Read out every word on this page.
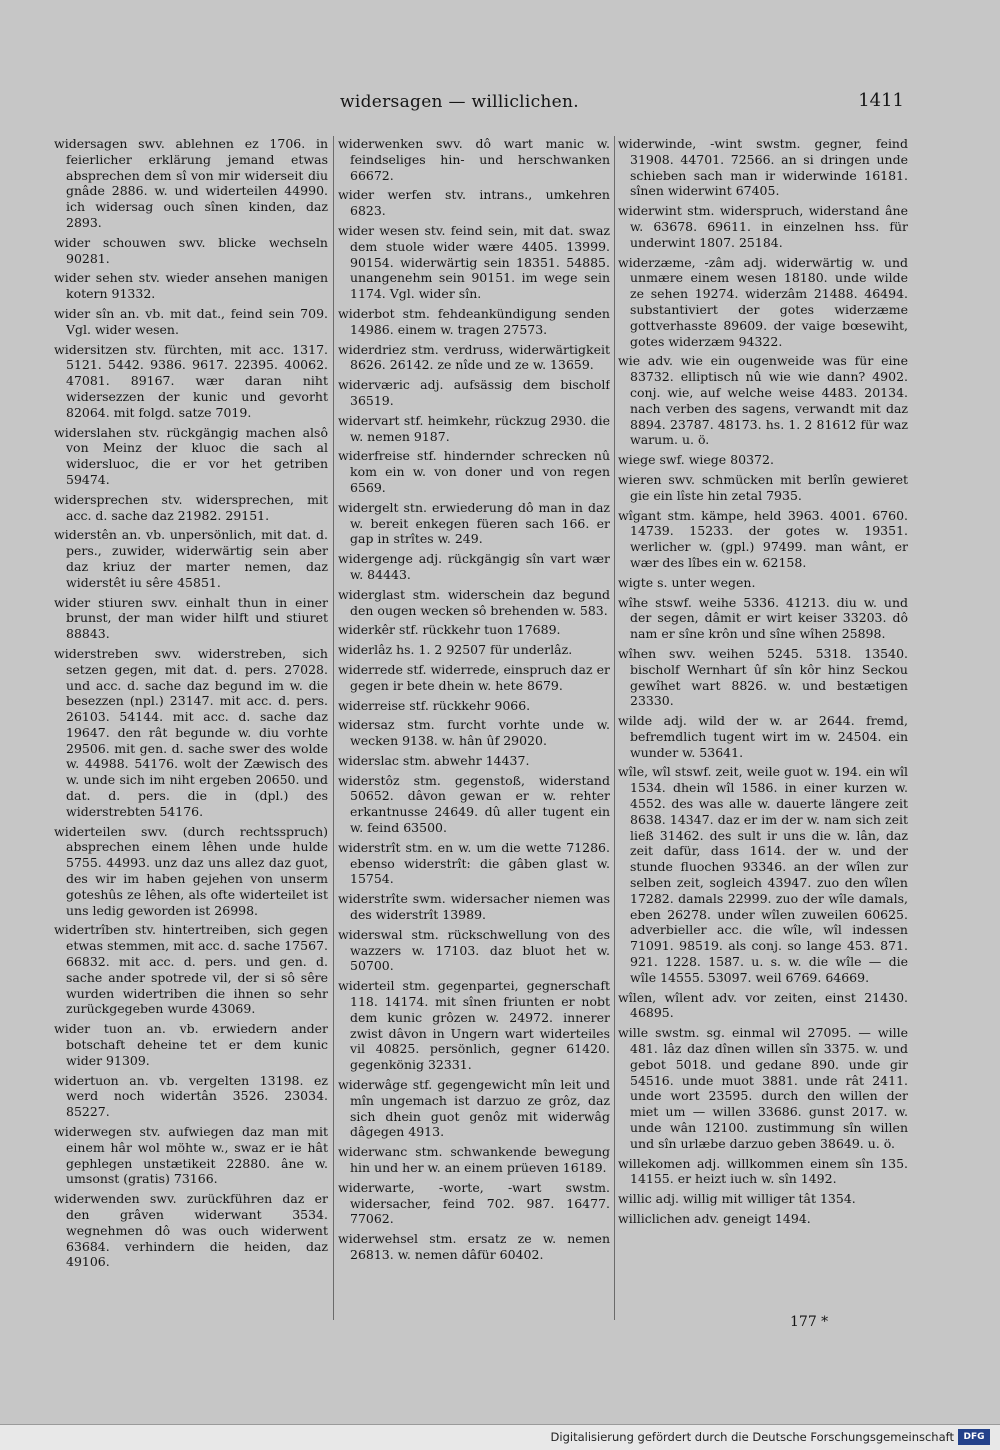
widersagen — williclichen.	1411

widersagen swv. ablehnen ez 1706. in feierlicher erklärung jemand etwas absprechen dem sî von mir widerseit diu gnâde 2886. w. und widerteilen 44990. ich widersag ouch sînen kinden, daz 2893.

wider schouwen swv. blicke wechseln 90281.

wider sehen stv. wieder ansehen manigen kotern 91332.

wider sîn an. vb. mit dat., feind sein 709. Vgl. wider wesen.

widersitzen stv. fürchten, mit acc. 1317. 5121. 5442. 9386. 9617. 22395. 40062. 47081. 89167. wær daran niht widersezzen der kunic und gevorht 82064. mit folgd. satze 7019.

widerslahen stv. rückgängig machen alsô von Meinz der kluoc die sach al widersluoc, die er vor het getriben 59474.

widersprechen stv. widersprechen, mit acc. d. sache daz 21982. 29151.

widerstên an. vb. unpersönlich, mit dat. d. pers., zuwider, widerwärtig sein aber daz kriuz der marter nemen, daz widerstêt iu sêre 45851.

wider stiuren swv. einhalt thun in einer brunst, der man wider hilft und stiuret 88843.

widerstreben swv. widerstreben, sich setzen gegen, mit dat. d. pers. 27028. und acc. d. sache daz begund im w. die besezzen (npl.) 23147. mit acc. d. pers. 26103. 54144. mit acc. d. sache daz 19647. den rât begunde w. diu vorhte 29506. mit gen. d. sache swer des wolde w. 44988. 54176. wolt der Zæwisch des w. unde sich im niht ergeben 20650. und dat. d. pers. die in (dpl.) des widerstrebten 54176.

widerteilen swv. (durch rechtsspruch) absprechen einem lêhen unde hulde 5755. 44993. unz daz uns allez daz guot, des wir im haben gejehen von unserm goteshûs ze lêhen, als ofte widerteilet ist uns ledig geworden ist 26998.

widertrîben stv. hintertreiben, sich gegen etwas stemmen, mit acc. d. sache 17567. 66832. mit acc. d. pers. und gen. d. sache ander spotrede vil, der si sô sêre wurden widertriben die ihnen so sehr zurückgegeben wurde 43069.

wider tuon an. vb. erwiedern ander botschaft deheine tet er dem kunic wider 91309.

widertuon an. vb. vergelten 13198. ez werd noch widertân 3526. 23034. 85227.

widerwegen stv. aufwiegen daz man mit einem hâr wol möhte w., swaz er ie hât gephlegen unstætikeit 22880. âne w. umsonst (gratis) 73166.

widerwenden swv. zurückführen daz er den grâven widerwant 3534. wegnehmen dô was ouch widerwent 63684. verhindern die heiden, daz 49106.

widerwenken swv. dô wart manic w. feindseliges hin- und herschwanken 66672.

wider werfen stv. intrans., umkehren 6823.

wider wesen stv. feind sein, mit dat. swaz dem stuole wider wære 4405. 13999. 90154. widerwärtig sein 18351. 54885. unangenehm sein 90151. im wege sein 1174. Vgl. wider sîn.

widerbot stm. fehdeankündigung senden 14986. einem w. tragen 27573.

widerdriez stm. verdruss, widerwärtigkeit 8626. 26142. ze nîde und ze w. 13659.

widerværic adj. aufsässig dem bischolf 36519.

widervart stf. heimkehr, rückzug 2930. die w. nemen 9187.

widerfreise stf. hindernder schrecken nû kom ein w. von doner und von regen 6569.

widergelt stn. erwiederung dô man in daz w. bereit enkegen füeren sach 166. er gap in strîtes w. 249.

widergenge adj. rückgängig sîn vart wær w. 84443.

widerglast stm. widerschein daz begund den ougen wecken sô brehenden w. 583.

widerkêr stf. rückkehr tuon 17689.

widerlâz hs. 1. 2 92507 für underlâz.

widerrede stf. widerrede, einspruch daz er gegen ir bete dhein w. hete 8679.

widerreise stf. rückkehr 9066.

widersaz stm. furcht vorhte unde w. wecken 9138. w. hân ûf 29020.

widerslac stm. abwehr 14437.

widerstôz stm. gegenstoß, widerstand 50652. dâvon gewan er w. rehter erkantnusse 24649. dû aller tugent ein w. feind 63500.

widerstrît stm. en w. um die wette 71286. ebenso widerstrît: die gâben glast w. 15754.

widerstrîte swm. widersacher niemen was des widerstrît 13989.

widerswal stm. rückschwellung von des wazzers w. 17103. daz bluot het w. 50700.

widerteil stm. gegenpartei, gegnerschaft 118. 14174. mit sînen friunten er nobt dem kunic grôzen w. 24972. innerer zwist dâvon in Ungern wart widerteiles vil 40825. persönlich, gegner 61420. gegenkönig 32331.

widerwâge stf. gegengewicht mîn leit und mîn ungemach ist darzuo ze grôz, daz sich dhein guot genôz mit widerwâg dâgegen 4913.

widerwanc stm. schwankende bewegung hin und her w. an einem prüeven 16189.

widerwarte, -worte, -wart swstm. widersacher, feind 702. 987. 16477. 77062.

widerwehsel stm. ersatz ze w. nemen 26813. w. nemen dâfür 60402.

widerwinde, -wint swstm. gegner, feind 31908. 44701. 72566. an si dringen unde schieben sach man ir widerwinde 16181. sînen widerwint 67405.

widerwint stm. widerspruch, widerstand âne w. 63678. 69611. in einzelnen hss. für underwint 1807. 25184.

widerzæme, -zâm adj. widerwärtig w. und unmære einem wesen 18180. unde wilde ze sehen 19274. widerzâm 21488. 46494. substantiviert der gotes widerzæme gottverhasste 89609. der vaige bœsewiht, gotes widerzæm 94322.

wie adv. wie ein ougenweide was für eine 83732. elliptisch nû wie wie dann? 4902. conj. wie, auf welche weise 4483. 20134. nach verben des sagens, verwandt mit daz 8894. 23787. 48173. hs. 1. 2 81612 für waz warum. u. ö.

wiege swf. wiege 80372.

wieren swv. schmücken mit berlîn gewieret gie ein lîste hin zetal 7935.

wîgant stm. kämpe, held 3963. 4001. 6760. 14739. 15233. der gotes w. 19351. werlicher w. (gpl.) 97499. man wânt, er wær des lîbes ein w. 62158.

wigte s. unter wegen.

wîhe stswf. weihe 5336. 41213. diu w. und der segen, dâmit er wirt keiser 33203. dô nam er sîne krôn und sîne wîhen 25898.

wîhen swv. weihen 5245. 5318. 13540. bischolf Wernhart ûf sîn kôr hinz Seckou gewîhet wart 8826. w. und bestætigen 23330.

wilde adj. wild der w. ar 2644. fremd, befremdlich tugent wirt im w. 24504. ein wunder w. 53641.

wîle, wîl stswf. zeit, weile guot w. 194. ein wîl 1534. dhein wîl 1586. in einer kurzen w. 4552. des was alle w. dauerte längere zeit 8638. 14347. daz er im der w. nam sich zeit ließ 31462. des sult ir uns die w. lân, daz zeit dafür, dass 1614. der w. und der stunde fluochen 93346. an der wîlen zur selben zeit, sogleich 43947. zuo den wîlen 17282. damals 22999. zuo der wîle damals, eben 26278. under wîlen zuweilen 60625. adverbieller acc. die wîle, wîl indessen 71091. 98519. als conj. so lange 453. 871. 921. 1228. 1587. u. s. w. die wîle — die wîle 14555. 53097. weil 6769. 64669.

wîlen, wîlent adv. vor zeiten, einst 21430. 46895.

wille swstm. sg. einmal wil 27095. — wille 481. lâz daz dînen willen sîn 3375. w. und gebot 5018. und gedane 890. unde gir 54516. unde muot 3881. unde rât 2411. unde wort 23595. durch den willen der miet um — willen 33686. gunst 2017. w. unde wân 12100. zustimmung sîn willen und sîn urlæbe darzuo geben 38649. u. ö.

willekomen adj. willkommen einem sîn 135. 14155. er heizt iuch w. sîn 1492.

willic adj. willig mit williger tât 1354.

williclichen adv. geneigt 1494.

177 *
Digitalisierung gefördert durch die Deutsche Forschungsgemeinschaft	DFG
